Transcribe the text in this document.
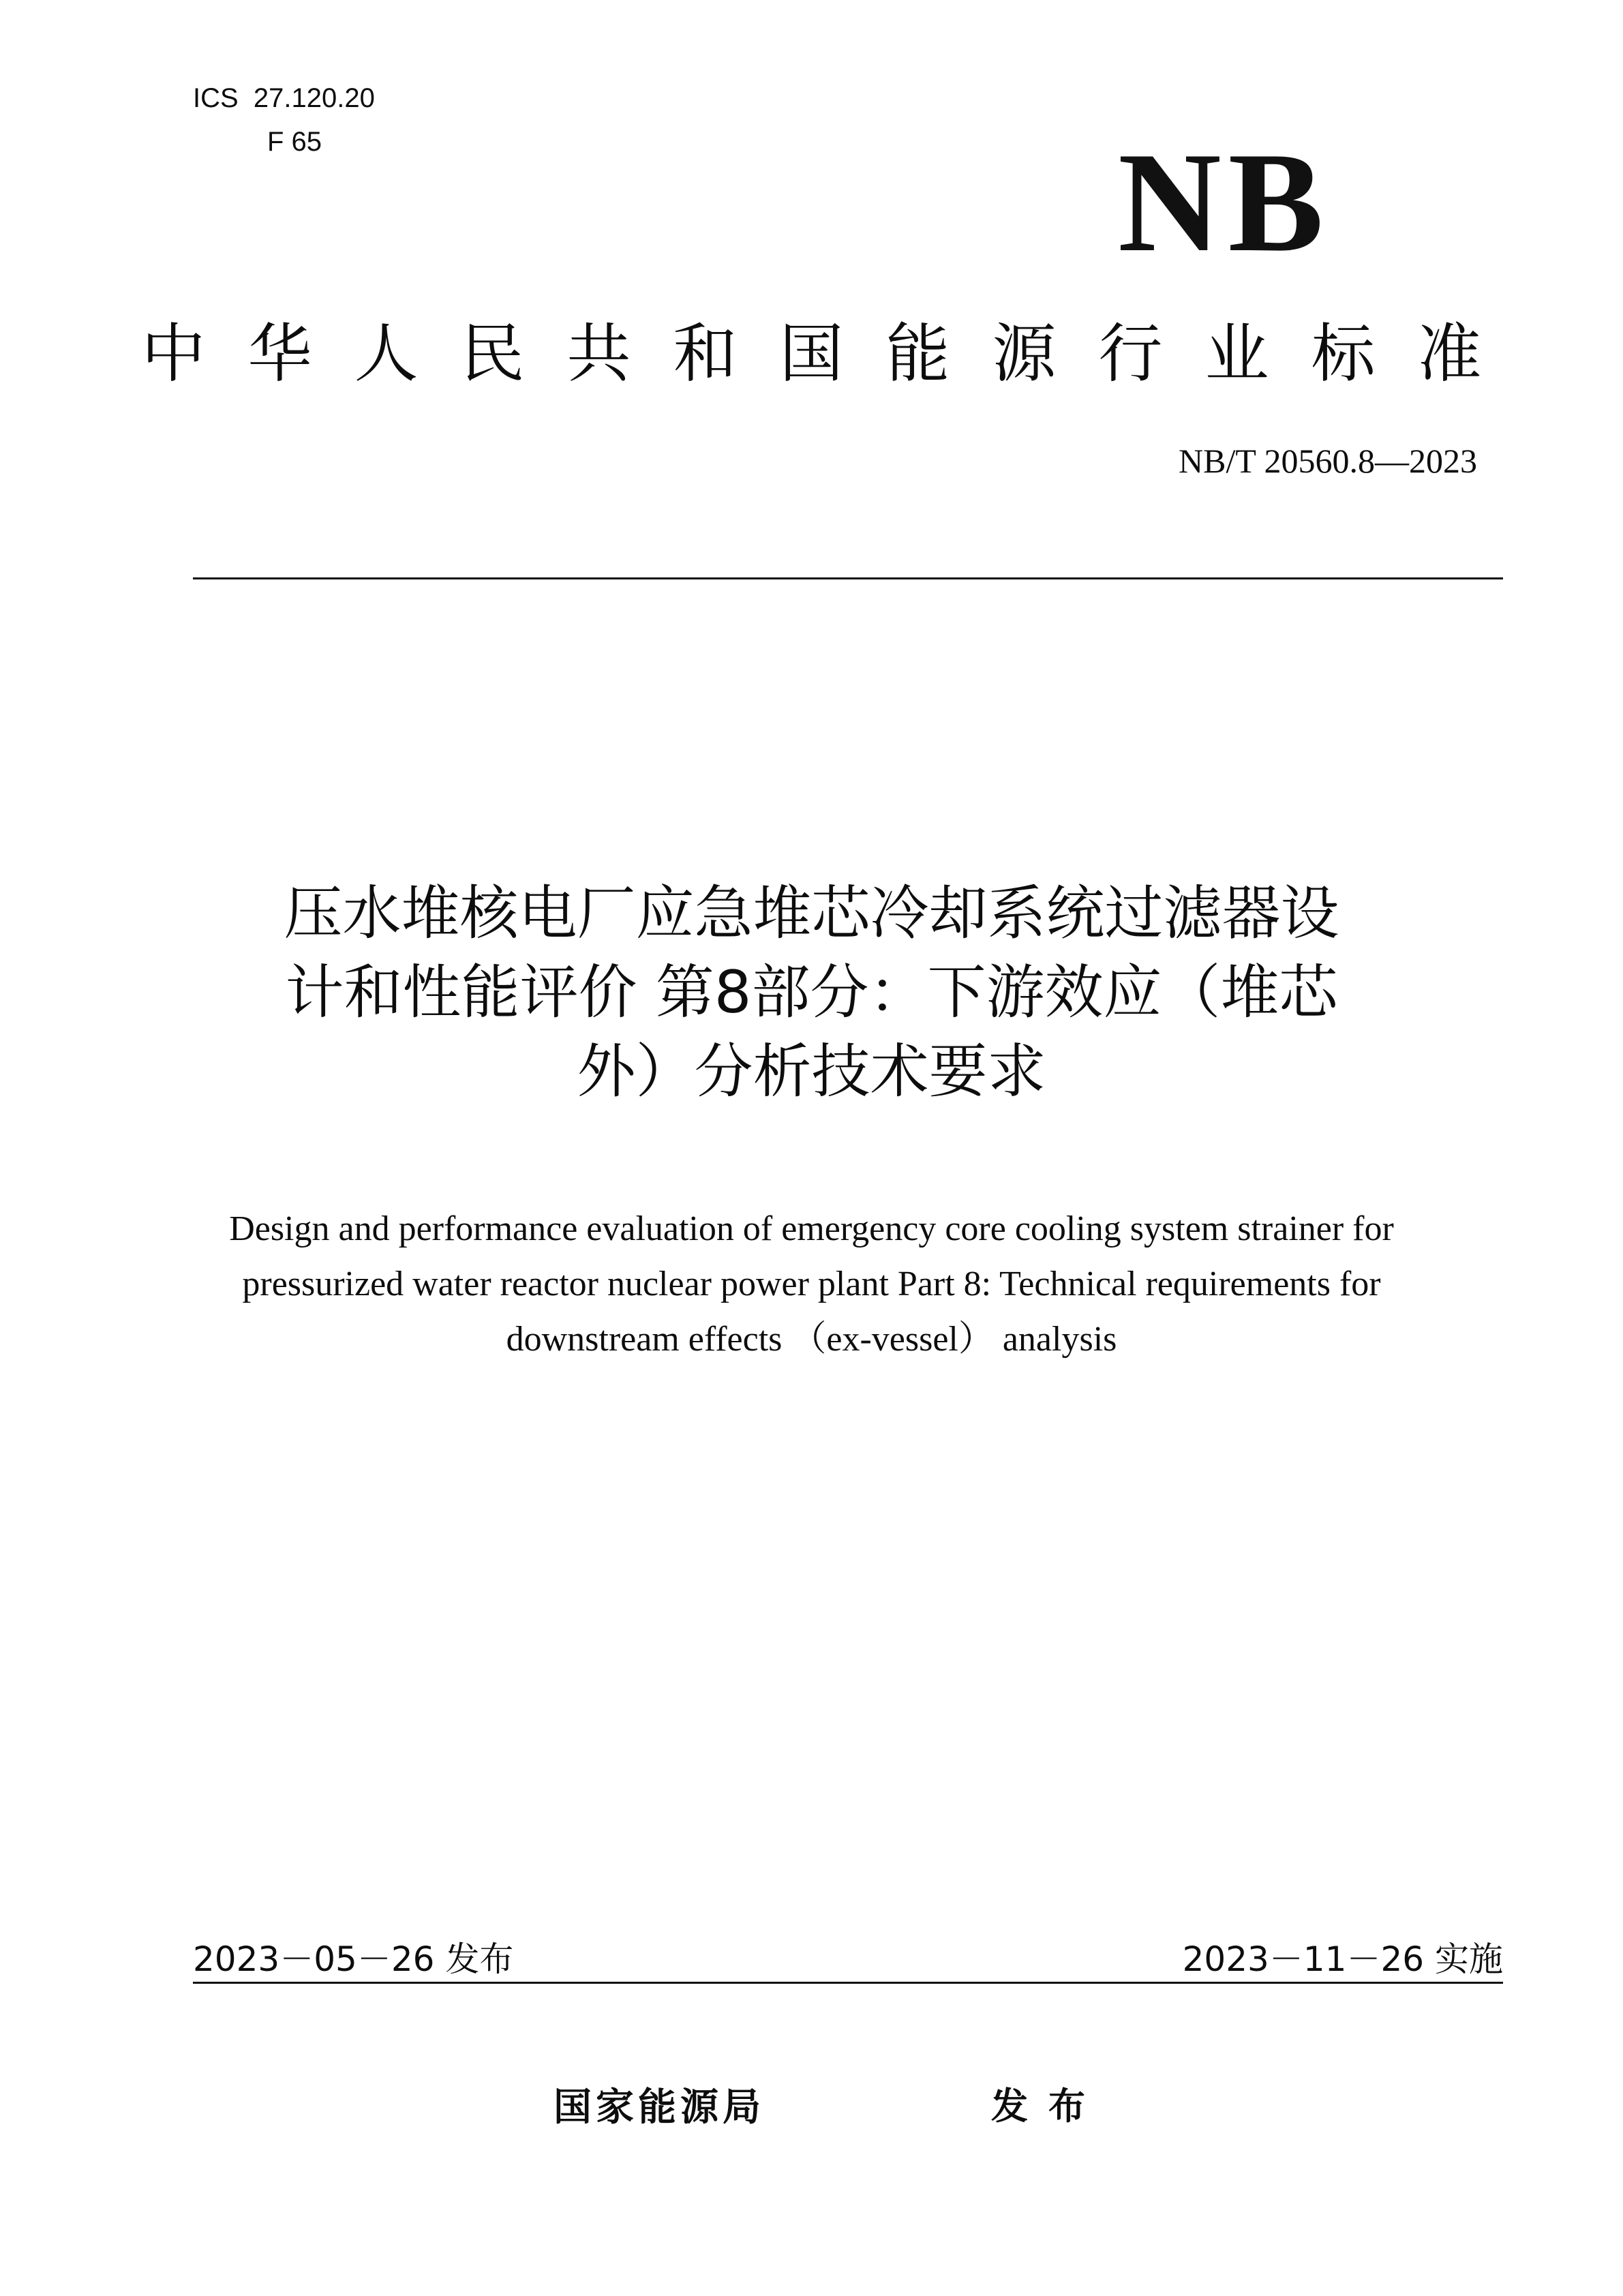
ICS  27.120.20
F 65	NB
中华人民共和国能源行业标准
NB/T 20560.8—2023
压水堆核电厂应急堆芯冷却系统过滤器设
计和性能评价 第8部分：下游效应（堆芯
外）分析技术要求
Design and performance evaluation of emergency core cooling system strainer for
pressurized water reactor nuclear power plant Part 8: Technical requirements for
downstream effects （ex-vessel） analysis
2023－05－26 发布	2023－11－26 实施
国家能源局	发布
